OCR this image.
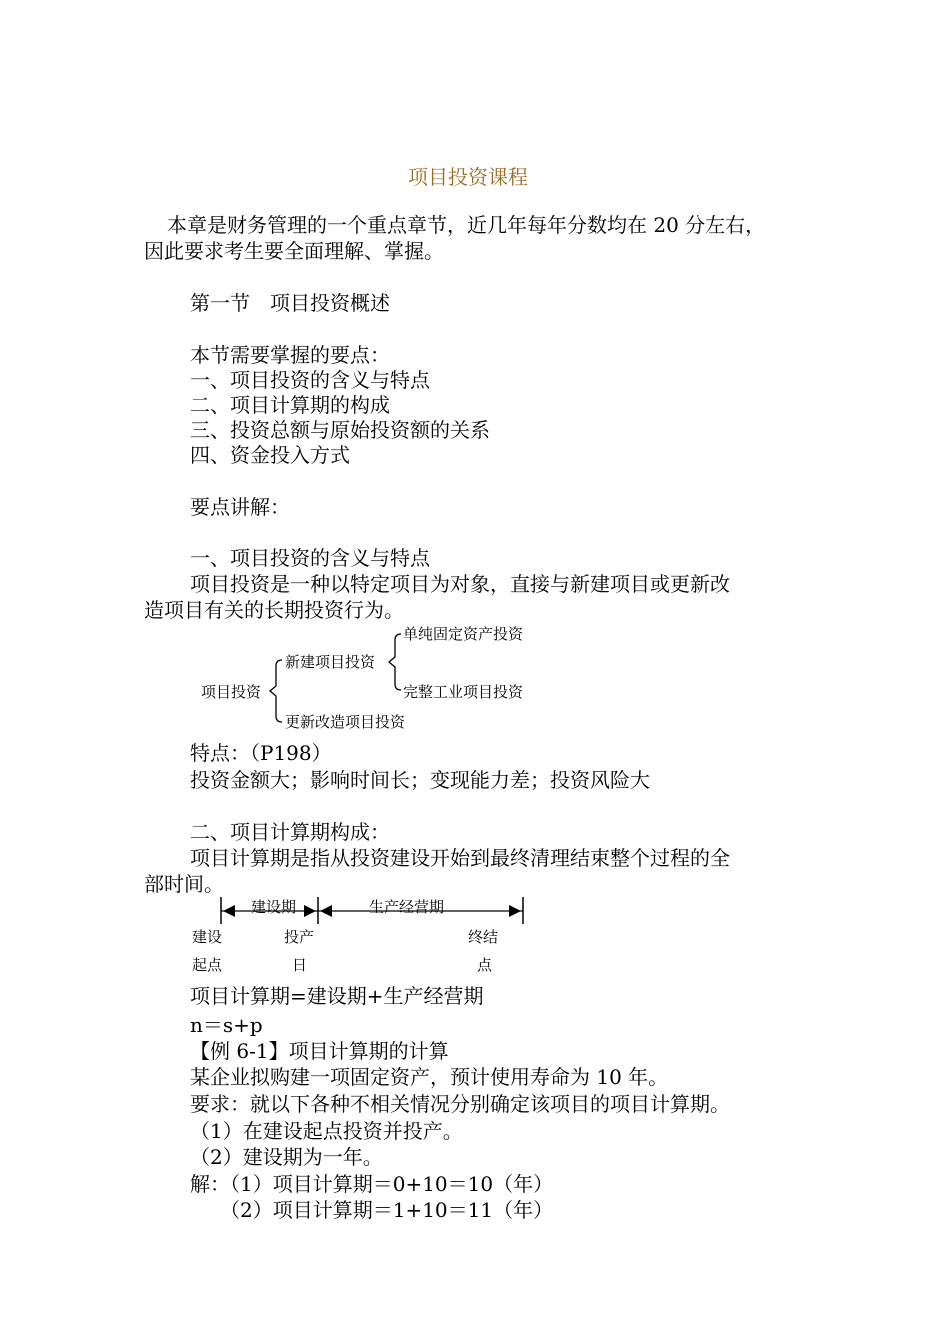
项目投资课程
本章是财务管理的一个重点章节，近几年每年分数均在 20 分左右，
因此要求考生要全面理解、掌握。
第一节　项目投资概述
本节需要掌握的要点：
一、项目投资的含义与特点
二、项目计算期的构成
三、投资总额与原始投资额的关系
四、资金投入方式
要点讲解：
一、项目投资的含义与特点
项目投资是一种以特定项目为对象，直接与新建项目或更新改
造项目有关的长期投资行为。
项目投资
新建项目投资
更新改造项目投资
单纯固定资产投资
完整工业项目投资
特点：（P198）
投资金额大；影响时间长；变现能力差；投资风险大
二、项目计算期构成：
项目计算期是指从投资建设开始到最终清理结束整个过程的全
部时间。
建设期	生产经营期
建设
起点
投产
日
终结
点
项目计算期=建设期+生产经营期
n＝s+p
【例 6-1】项目计算期的计算
某企业拟购建一项固定资产，预计使用寿命为 10 年。
要求：就以下各种不相关情况分别确定该项目的项目计算期。
（1）在建设起点投资并投产。
（2）建设期为一年。
解：（1）项目计算期＝0+10＝10（年）
　　（2）项目计算期＝1+10＝11（年）
